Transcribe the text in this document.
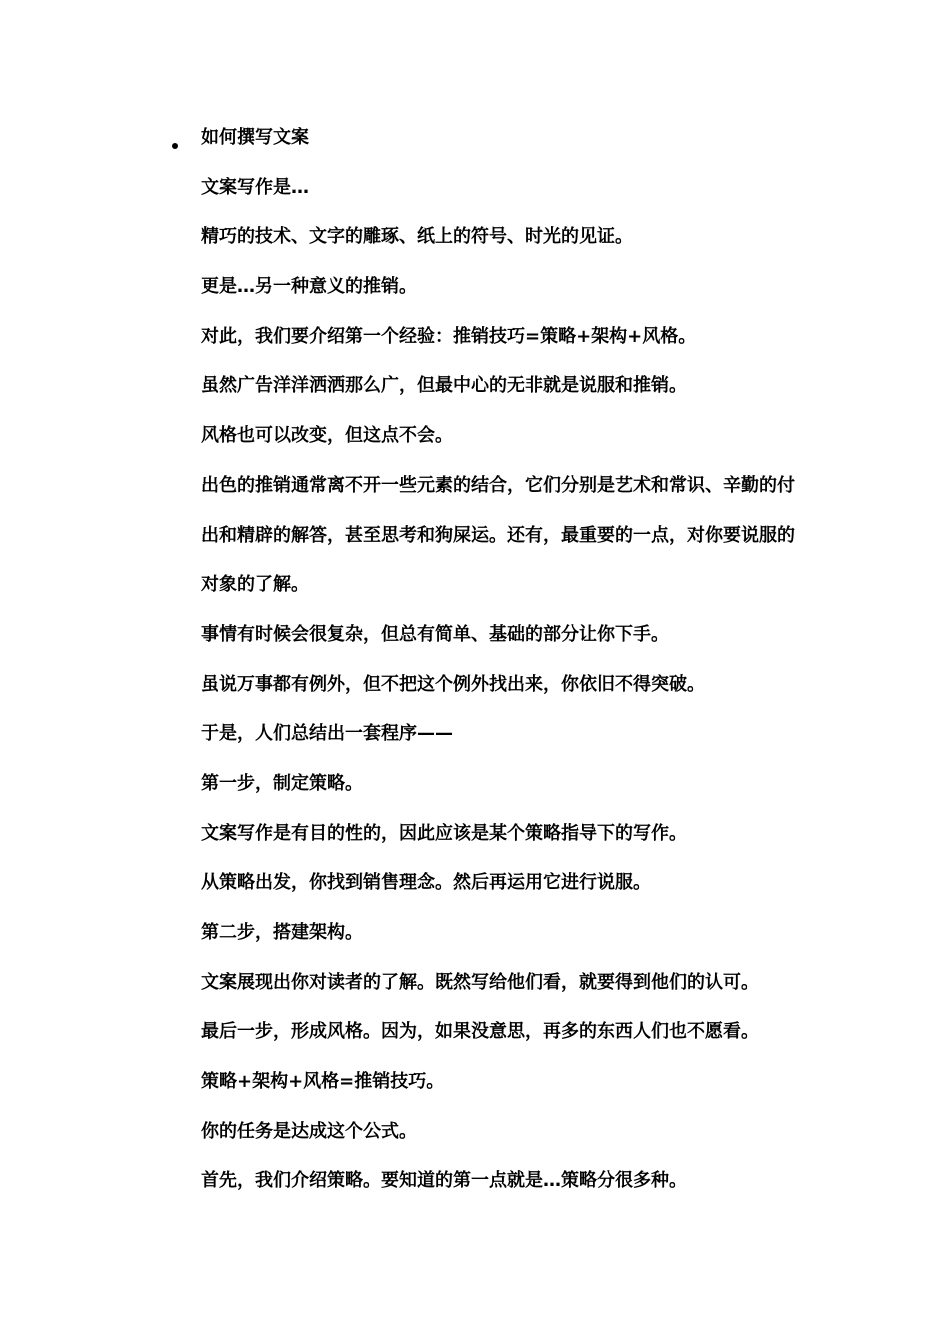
如何撰写文案
文案写作是…
精巧的技术、文字的雕琢、纸上的符号、时光的见证。
更是…另一种意义的推销。
对此，我们要介绍第一个经验：推销技巧=策略+架构+风格。
虽然广告洋洋洒洒那么广，但最中心的无非就是说服和推销。
风格也可以改变，但这点不会。
出色的推销通常离不开一些元素的结合，它们分别是艺术和常识、辛勤的付出和精辟的解答，甚至思考和狗屎运。还有，最重要的一点，对你要说服的对象的了解。
事情有时候会很复杂，但总有简单、基础的部分让你下手。
虽说万事都有例外，但不把这个例外找出来，你依旧不得突破。
于是，人们总结出一套程序——
第一步，制定策略。
文案写作是有目的性的，因此应该是某个策略指导下的写作。
从策略出发，你找到销售理念。然后再运用它进行说服。
第二步，搭建架构。
文案展现出你对读者的了解。既然写给他们看，就要得到他们的认可。
最后一步，形成风格。因为，如果没意思，再多的东西人们也不愿看。
策略+架构+风格=推销技巧。
你的任务是达成这个公式。
首先，我们介绍策略。要知道的第一点就是…策略分很多种。
